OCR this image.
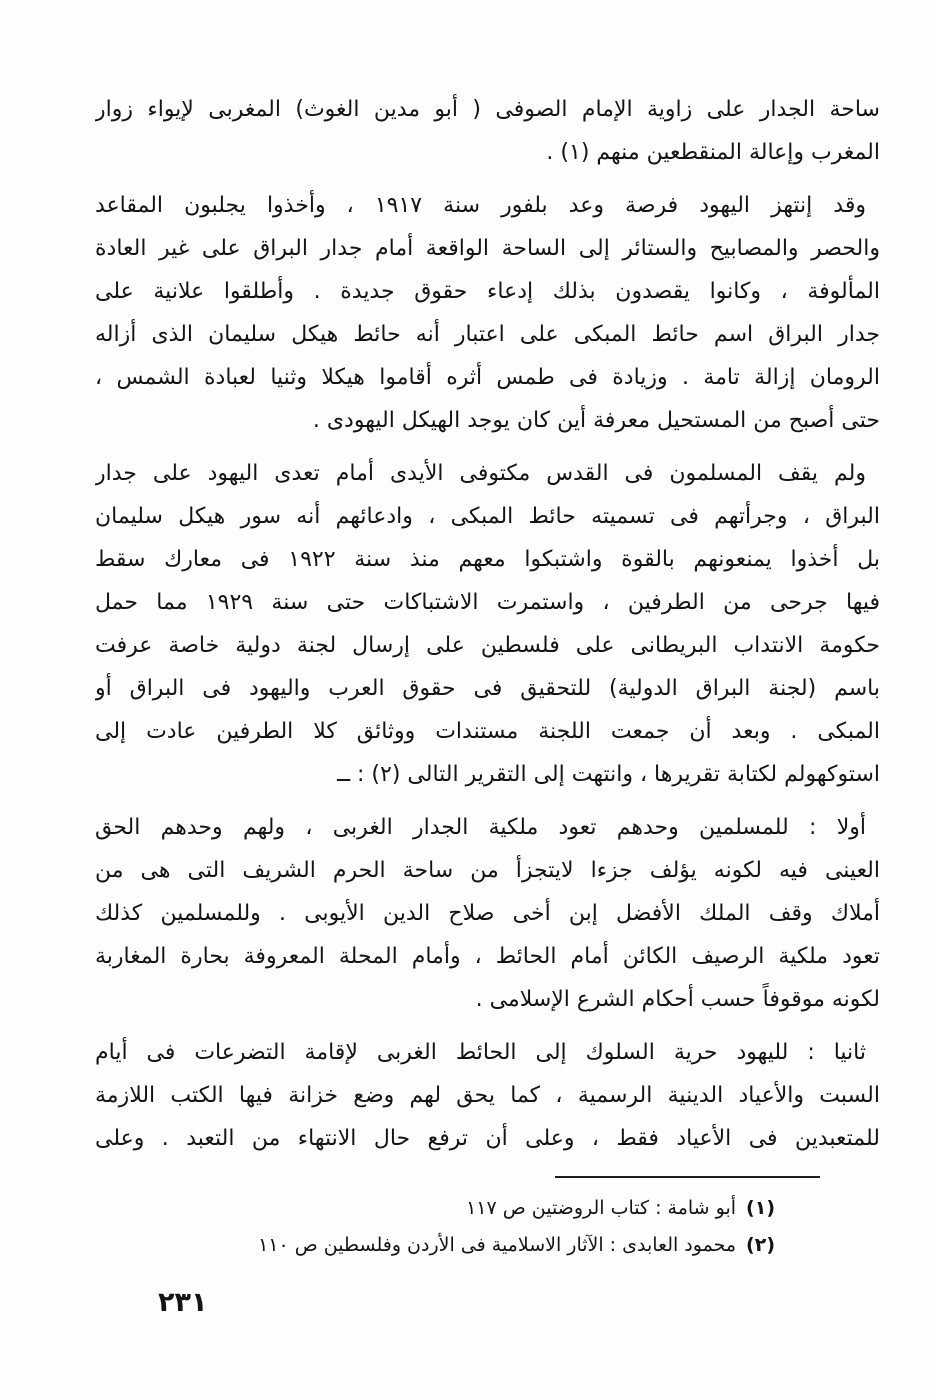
ساحة الجدار على زاوية الإمام الصوفى ( أبو مدين الغوث) المغربى لإيواء زوار
المغرب وإعالة المنقطعين منهم (١) .
وقد إنتهز اليهود فرصة وعد بلفور سنة ١٩١٧ ، وأخذوا يجلبون المقاعد
والحصر والمصابيح والستائر إلى الساحة الواقعة أمام جدار البراق على غير العادة
المألوفة ، وكانوا يقصدون بذلك إدعاء حقوق جديدة . وأطلقوا علانية على
جدار البراق اسم حائط المبكى على اعتبار أنه حائط هيكل سليمان الذى أزاله
الرومان إزالة تامة . وزيادة فى طمس أثره أقاموا هيكلا وثنيا لعبادة الشمس ،
حتى أصبح من المستحيل معرفة أين كان يوجد الهيكل اليهودى .
ولم يقف المسلمون فى القدس مكتوفى الأيدى أمام تعدى اليهود على جدار
البراق ، وجرأتهم فى تسميته حائط المبكى ، وادعائهم أنه سور هيكل سليمان
بل أخذوا يمنعونهم بالقوة واشتبكوا معهم منذ سنة ١٩٢٢ فى معارك سقط
فيها جرحى من الطرفين ، واستمرت الاشتباكات حتى سنة ١٩٢٩ مما حمل
حكومة الانتداب البريطانى على فلسطين على إرسال لجنة دولية خاصة عرفت
باسم (لجنة البراق الدولية) للتحقيق فى حقوق العرب واليهود فى البراق أو
المبكى . وبعد أن جمعت اللجنة مستندات ووثائق كلا الطرفين عادت إلى
استوكهولم لكتابة تقريرها ، وانتهت إلى التقرير التالى (٢) : ــ
أولا : للمسلمين وحدهم تعود ملكية الجدار الغربى ، ولهم وحدهم الحق
العينى فيه لكونه يؤلف جزءا لايتجزأ من ساحة الحرم الشريف التى هى من
أملاك وقف الملك الأفضل إبن أخى صلاح الدين الأيوبى . وللمسلمين كذلك
تعود ملكية الرصيف الكائن أمام الحائط ، وأمام المحلة المعروفة بحارة المغاربة
لكونه موقوفاً حسب أحكام الشرع الإسلامى .
ثانيا : لليهود حرية السلوك إلى الحائط الغربى لإقامة التضرعات فى أيام
السبت والأعياد الدينية الرسمية ، كما يحق لهم وضع خزانة فيها الكتب اللازمة
للمتعبدين فى الأعياد فقط ، وعلى أن ترفع حال الانتهاء من التعبد . وعلى
(١)أبو شامة : كتاب الروضتين ص ١١٧
(٢)محمود العابدى : الآثار الاسلامية فى الأردن وفلسطين ص ١١٠
٢٣١
